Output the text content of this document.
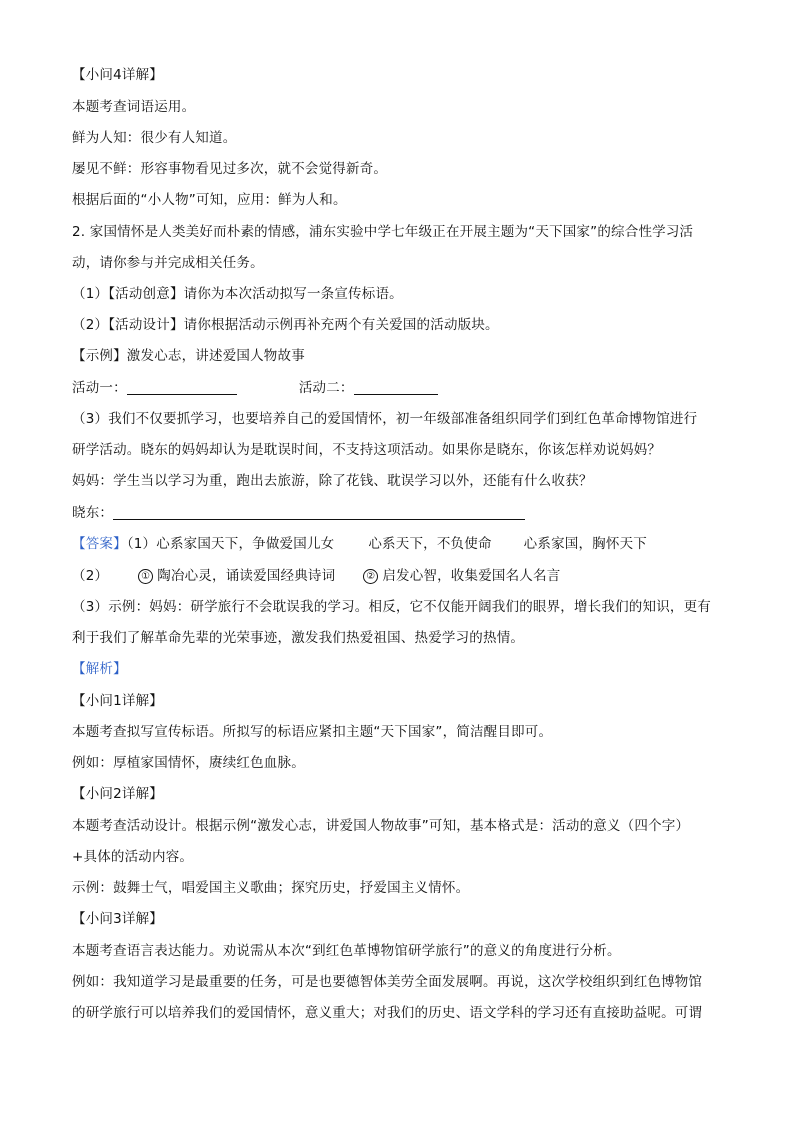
【小问4详解】
本题考查词语运用。
鲜为人知：很少有人知道。
屡见不鲜：形容事物看见过多次，就不会觉得新奇。
根据后面的“小人物”可知，应用：鲜为人和。
2. 家国情怀是人类美好而朴素的情感，浦东实验中学七年级正在开展主题为“天下国家”的综合性学习活
动，请你参与并完成相关任务。
（1）【活动创意】请你为本次活动拟写一条宣传标语。
（2）【活动设计】请你根据活动示例再补充两个有关爱国的活动版块。
【示例】激发心志，讲述爱国人物故事
活动一：	活动二：
（3）我们不仅要抓学习，也要培养自己的爱国情怀，初一年级部准备组织同学们到红色革命博物馆进行
研学活动。晓东的妈妈却认为是耽误时间，不支持这项活动。如果你是晓东，你该怎样劝说妈妈？
妈妈：学生当以学习为重，跑出去旅游，除了花钱、耽误学习以外，还能有什么收获？
晓东：
【答案】（1）心系家国天下，争做爱国儿女	心系天下，不负使命 心系家国，胸怀天下
（2）	① 陶冶心灵，诵读爱国经典诗词	② 启发心智，收集爱国名人名言
（3）示例：妈妈：研学旅行不会耽误我的学习。相反，它不仅能开阔我们的眼界，增长我们的知识，更有
利于我们了解革命先辈的光荣事迹，激发我们热爱祖国、热爱学习的热情。
【解析】
【小问1详解】
本题考查拟写宣传标语。所拟写的标语应紧扣主题“天下国家”，简洁醒目即可。
例如：厚植家国情怀，赓续红色血脉。
【小问2详解】
本题考查活动设计。根据示例“激发心志，讲爱国人物故事”可知，基本格式是：活动的意义（四个字）
+具体的活动内容。
示例：鼓舞士气，唱爱国主义歌曲；探究历史，抒爱国主义情怀。
【小问3详解】
本题考查语言表达能力。劝说需从本次“到红色革博物馆研学旅行”的意义的角度进行分析。
例如：我知道学习是最重要的任务，可是也要德智体美劳全面发展啊。再说，这次学校组织到红色博物馆
的研学旅行可以培养我们的爱国情怀，意义重大；对我们的历史、语文学科的学习还有直接助益呢。可谓
